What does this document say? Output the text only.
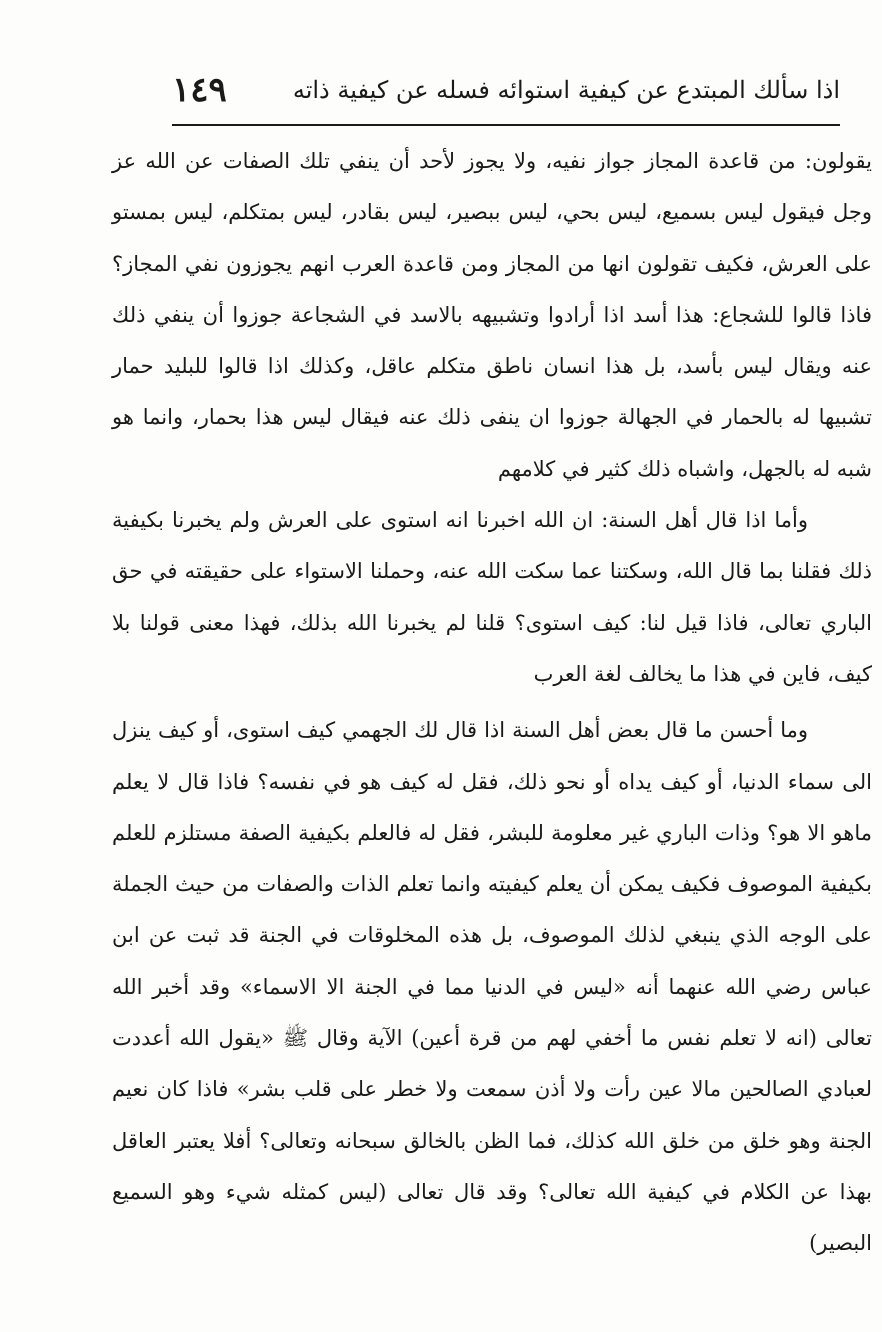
اذا سألك المبتدع عن كيفية استوائه فسله عن كيفية ذاته
١٤٩

يقولون: من قاعدة المجاز جواز نفيه، ولا يجوز لأحد أن ينفي تلك الصفات عن الله عز وجل فيقول ليس بسميع، ليس بحي، ليس ببصير، ليس بقادر، ليس بمتكلم، ليس بمستو على العرش، فكيف تقولون انها من المجاز ومن قاعدة العرب انهم يجوزون نفي المجاز؟ فاذا قالوا للشجاع: هذا أسد اذا أرادوا وتشبيهه بالاسد في الشجاعة جوزوا أن ينفي ذلك عنه ويقال ليس بأسد، بل هذا انسان ناطق متكلم عاقل، وكذلك اذا قالوا للبليد حمار تشبيها له بالحمار في الجهالة جوزوا ان ينفى ذلك عنه فيقال ليس هذا بحمار، وانما هو شبه له بالجهل، واشباه ذلك كثير في كلامهم

وأما اذا قال أهل السنة: ان الله اخبرنا انه استوى على العرش ولم يخبرنا بكيفية ذلك فقلنا بما قال الله، وسكتنا عما سكت الله عنه، وحملنا الاستواء على حقيقته في حق الباري تعالى، فاذا قيل لنا: كيف استوى؟ قلنا لم يخبرنا الله بذلك، فهذا معنى قولنا بلا كيف، فاين في هذا ما يخالف لغة العرب

وما أحسن ما قال بعض أهل السنة اذا قال لك الجهمي كيف استوى، أو كيف ينزل الى سماء الدنيا، أو كيف يداه أو نحو ذلك، فقل له كيف هو في نفسه؟ فاذا قال لا يعلم ماهو الا هو؟ وذات الباري غير معلومة للبشر، فقل له فالعلم بكيفية الصفة مستلزم للعلم بكيفية الموصوف فكيف يمكن أن يعلم كيفيته وانما تعلم الذات والصفات من حيث الجملة على الوجه الذي ينبغي لذلك الموصوف، بل هذه المخلوقات في الجنة قد ثبت عن ابن عباس رضي الله عنهما أنه «ليس في الدنيا مما في الجنة الا الاسماء» وقد أخبر الله تعالى (انه لا تعلم نفس ما أخفي لهم من قرة أعين) الآية وقال ﷺ «يقول الله أعددت لعبادي الصالحين مالا عين رأت ولا أذن سمعت ولا خطر على قلب بشر» فاذا كان نعيم الجنة وهو خلق من خلق الله كذلك، فما الظن بالخالق سبحانه وتعالى؟ أفلا يعتبر العاقل بهذا عن الكلام في كيفية الله تعالى؟ وقد قال تعالى (ليس كمثله شيء وهو السميع البصير)
